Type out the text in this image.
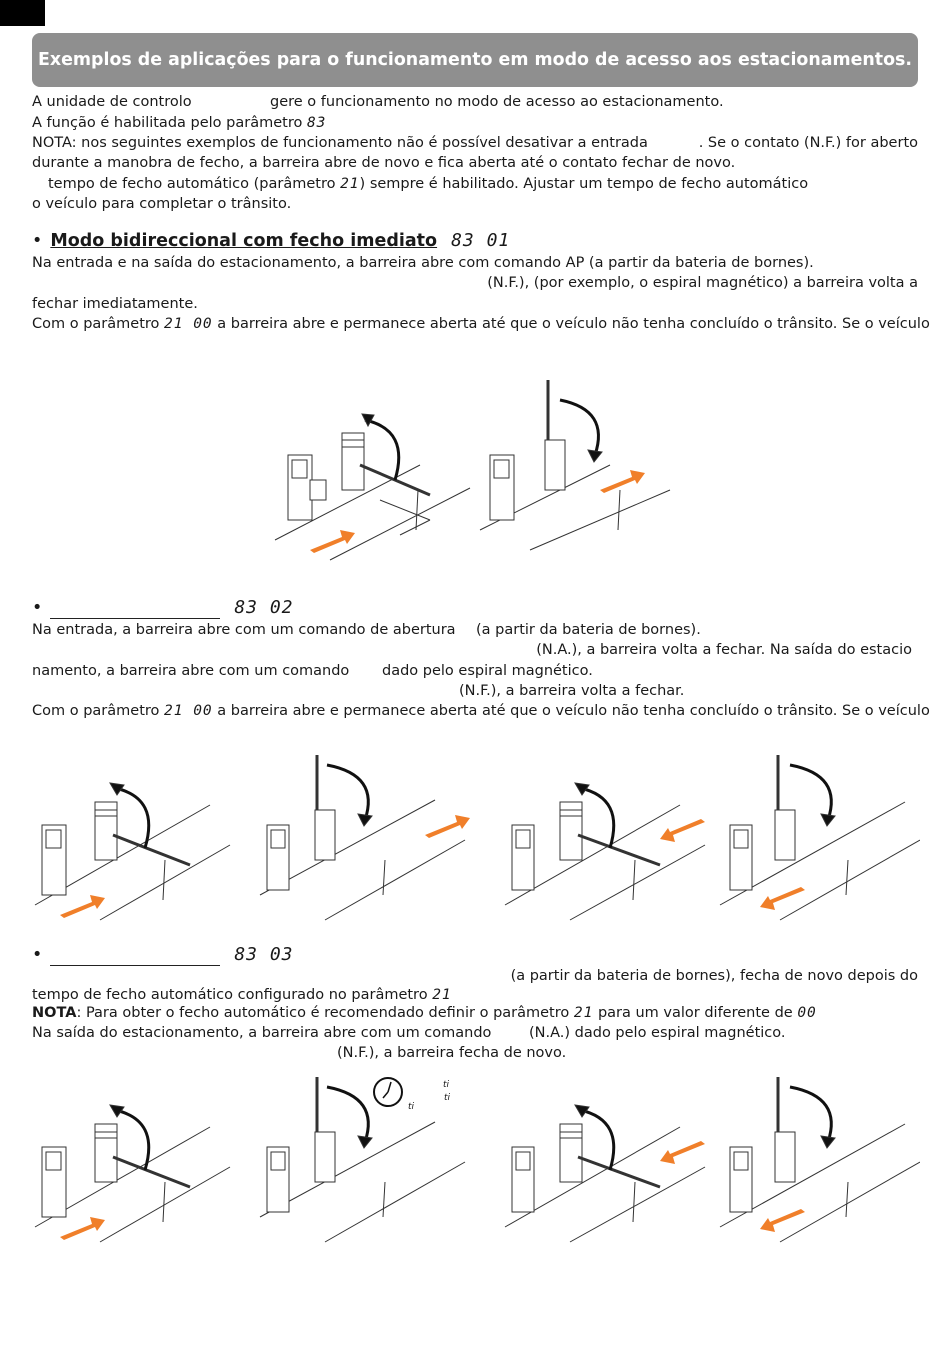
Exemplos de aplicações para o funcionamento em modo de acesso aos estacionamentos.
A unidade de controlo	gere o funcionamento no modo de acesso ao estacionamento.
A função é habilitada pelo parâmetro 83
NOTA: nos seguintes exemplos de funcionamento não é possível desativar a entrada	. Se o contato (N.F.) for aberto
durante a manobra de fecho, a barreira abre de novo e fica aberta até o contato fechar de novo.
tempo de fecho automático (parâmetro 21) sempre é habilitado. Ajustar um tempo de fecho automático
o veículo para completar o trânsito.
• Modo bidireccional com fecho imediato 83 01
Na entrada e na saída do estacionamento, a barreira abre com comando AP (a partir da bateria de bornes).
(N.F.), (por exemplo, o espiral magnético) a barreira volta a
fechar imediatamente.
Com o parâmetro 21 00 a barreira abre e permanece aberta até que o veículo não tenha concluído o trânsito. Se o veículo
•	83 02
Na entrada, a barreira abre com um comando de abertura	(a partir da bateria de bornes).
(N.A.), a barreira volta a fechar. Na saída do estacio
namento, a barreira abre com um comando	dado pelo espiral magnético.
(N.F.), a barreira volta a fechar.
Com o parâmetro 21 00 a barreira abre e permanece aberta até que o veículo não tenha concluído o trânsito. Se o veículo
•	83 03
(a partir da bateria de bornes), fecha de novo depois do
tempo de fecho automático configurado no parâmetro 21
NOTA: Para obter o fecho automático é recomendado definir o parâmetro 21 para um valor diferente de 00
Na saída do estacionamento, a barreira abre com um comando	(N.A.) dado pelo espiral magnético.
(N.F.), a barreira fecha de novo.
ti
ti
ti
